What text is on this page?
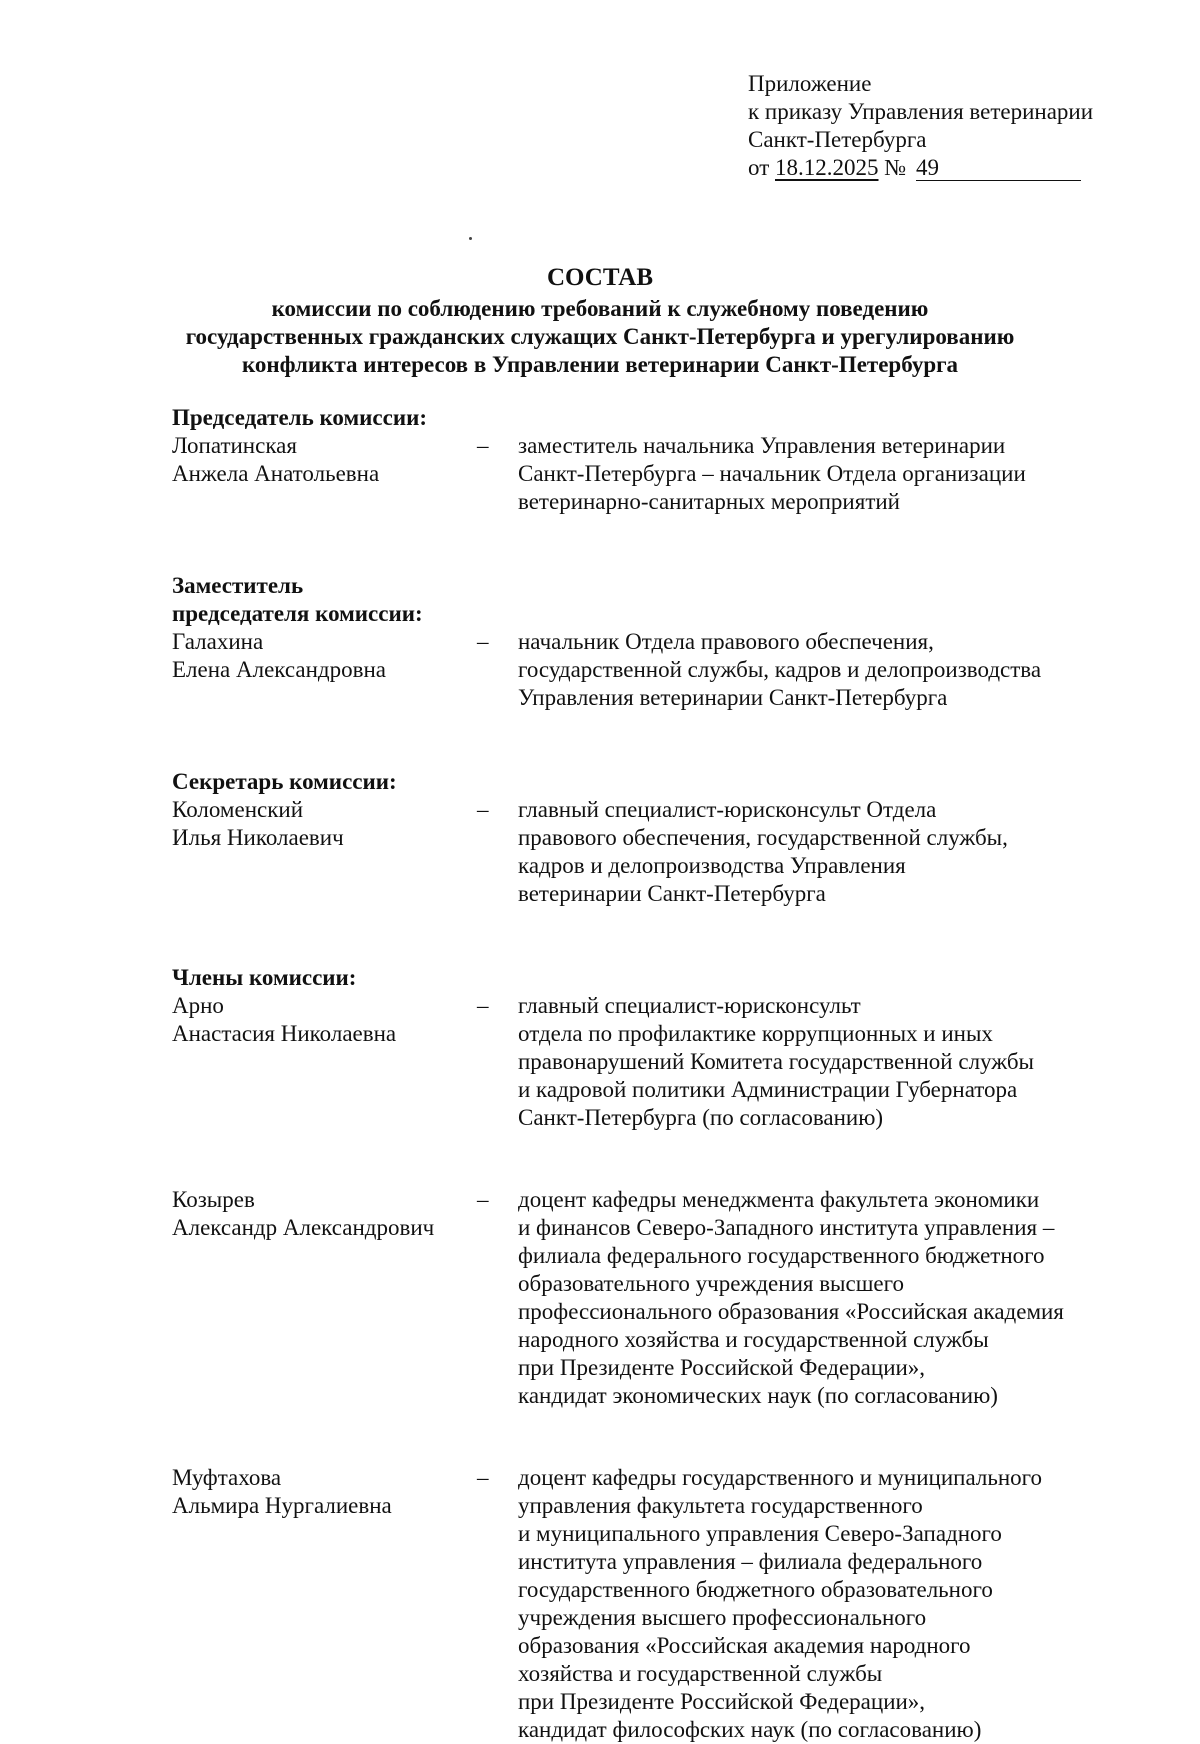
Приложение
к приказу Управления ветеринарии
Санкт-Петербурга
от 18.12.2025 № 49
СОСТАВ
комиссии по соблюдению требований к служебному поведению
государственных гражданских служащих Санкт-Петербурга и урегулированию
конфликта интересов в Управлении ветеринарии Санкт-Петербурга
Председатель комиссии:
Лопатинская
Анжела Анатольевна
–	заместитель начальника Управления ветеринарии
Санкт-Петербурга – начальник Отдела организации
ветеринарно-санитарных мероприятий
Заместитель
председателя комиссии:
Галахина
Елена Александровна
–	начальник Отдела правового обеспечения,
государственной службы, кадров и делопроизводства
Управления ветеринарии Санкт-Петербурга
Секретарь комиссии:
Коломенский
Илья Николаевич
–	главный специалист-юрисконсульт Отдела
правового обеспечения, государственной службы,
кадров и делопроизводства Управления
ветеринарии Санкт-Петербурга
Члены комиссии:
Арно
Анастасия Николаевна
–	главный специалист-юрисконсульт
отдела по профилактике коррупционных и иных
правонарушений Комитета государственной службы
и кадровой политики Администрации Губернатора
Санкт-Петербурга (по согласованию)
Козырев
Александр Александрович
–	доцент кафедры менеджмента факультета экономики
и финансов Северо-Западного института управления –
филиала федерального государственного бюджетного
образовательного учреждения высшего
профессионального образования «Российская академия
народного хозяйства и государственной службы
при Президенте Российской Федерации»,
кандидат экономических наук (по согласованию)
Муфтахова
Альмира Нургалиевна
–	доцент кафедры государственного и муниципального
управления факультета государственного
и муниципального управления Северо-Западного
института управления – филиала федерального
государственного бюджетного образовательного
учреждения высшего профессионального
образования «Российская академия народного
хозяйства и государственной службы
при Президенте Российской Федерации»,
кандидат философских наук (по согласованию)
